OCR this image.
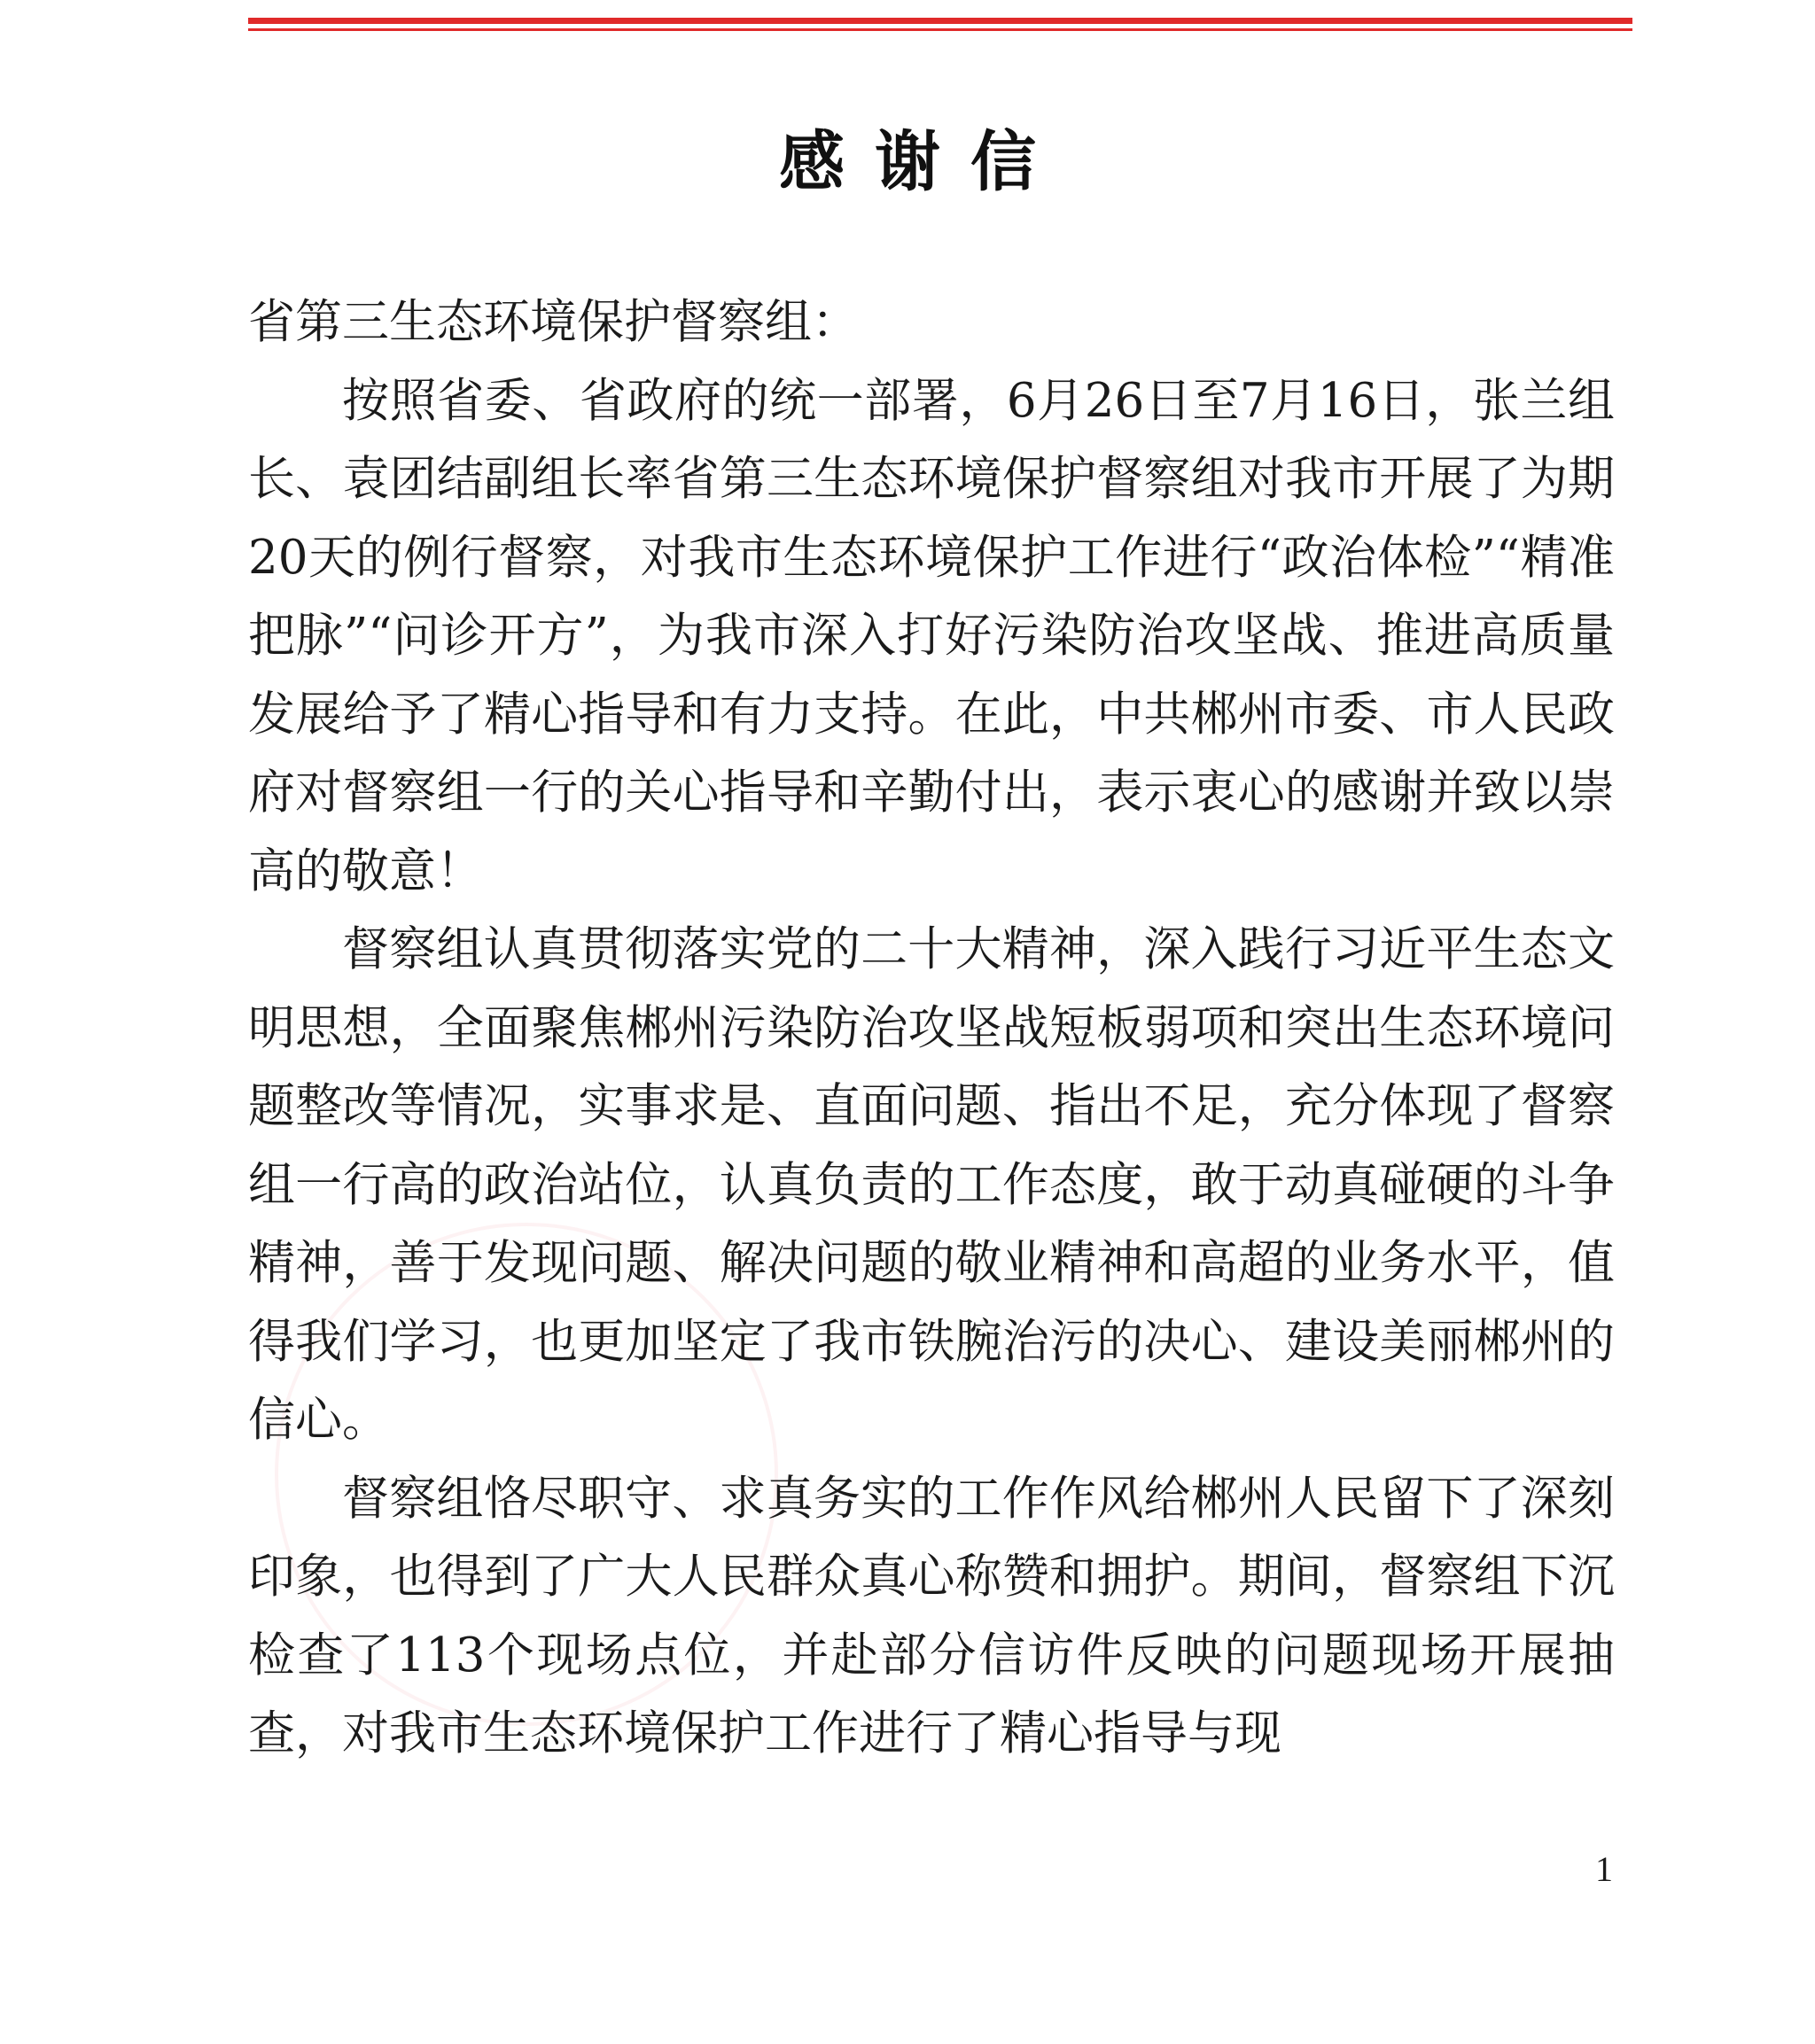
感谢信

省第三生态环境保护督察组：

按照省委、省政府的统一部署，6月26日至7月16日，张兰组长、袁团结副组长率省第三生态环境保护督察组对我市开展了为期20天的例行督察，对我市生态环境保护工作进行“政治体检”“精准把脉”“问诊开方”，为我市深入打好污染防治攻坚战、推进高质量发展给予了精心指导和有力支持。在此，中共郴州市委、市人民政府对督察组一行的关心指导和辛勤付出，表示衷心的感谢并致以崇高的敬意！

督察组认真贯彻落实党的二十大精神，深入践行习近平生态文明思想，全面聚焦郴州污染防治攻坚战短板弱项和突出生态环境问题整改等情况，实事求是、直面问题、指出不足，充分体现了督察组一行高的政治站位，认真负责的工作态度，敢于动真碰硬的斗争精神，善于发现问题、解决问题的敬业精神和高超的业务水平，值得我们学习，也更加坚定了我市铁腕治污的决心、建设美丽郴州的信心。

督察组恪尽职守、求真务实的工作作风给郴州人民留下了深刻印象，也得到了广大人民群众真心称赞和拥护。期间，督察组下沉检查了113个现场点位，并赴部分信访件反映的问题现场开展抽查，对我市生态环境保护工作进行了精心指导与现

1
